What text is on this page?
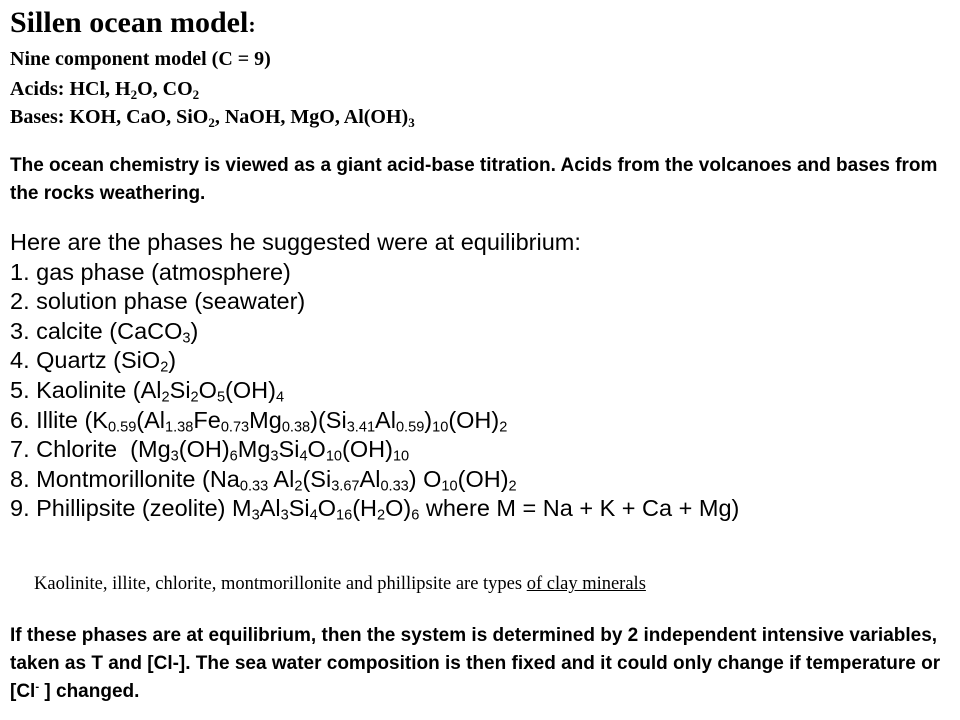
Sillen ocean model:
Nine component model (C = 9)
Acids: HCl, $H_2O$, $CO_2$
Bases: KOH, CaO, SiO$_2$, NaOH, MgO, $Al(OH)_3$
The ocean chemistry is viewed as a giant acid-base titration. Acids from the volcanoes and bases from the rocks weathering.
Here are the phases he suggested were at equilibrium:
1. gas phase (atmosphere)
2. solution phase (seawater)
3. calcite (CaCO$_3$)
4. Quartz (SiO$_2$)
5. Kaolinite ($Al_2Si_2O_5(OH)_4$
6. Illite ($K_{0.59}(Al_{1.38}Fe_{0.73}Mg_{0.38})(Si_{3.41}Al_{0.59})_{10}(OH)_2$
7. Chlorite  ($Mg_3(OH)_6Mg_3Si_4O_{10}(OH)_{10}$
8. Montmorillonite ($Na_{0.33}$ $Al_2(Si_{3.67}Al_{0.33})$ $O_{10}(OH)_2$
9. Phillipsite (zeolite) $M_3Al_3Si_4O_{16}(H_2O)_6$ where M = Na + K + Ca + Mg)
Kaolinite, illite, chlorite, montmorillonite and phillipsite are types of clay minerals
If these phases are at equilibrium, then the system is determined by 2 independent intensive variables, taken as T and [Cl-]. The sea water composition is then fixed and it could only change if temperature or [Cl- ] changed.
